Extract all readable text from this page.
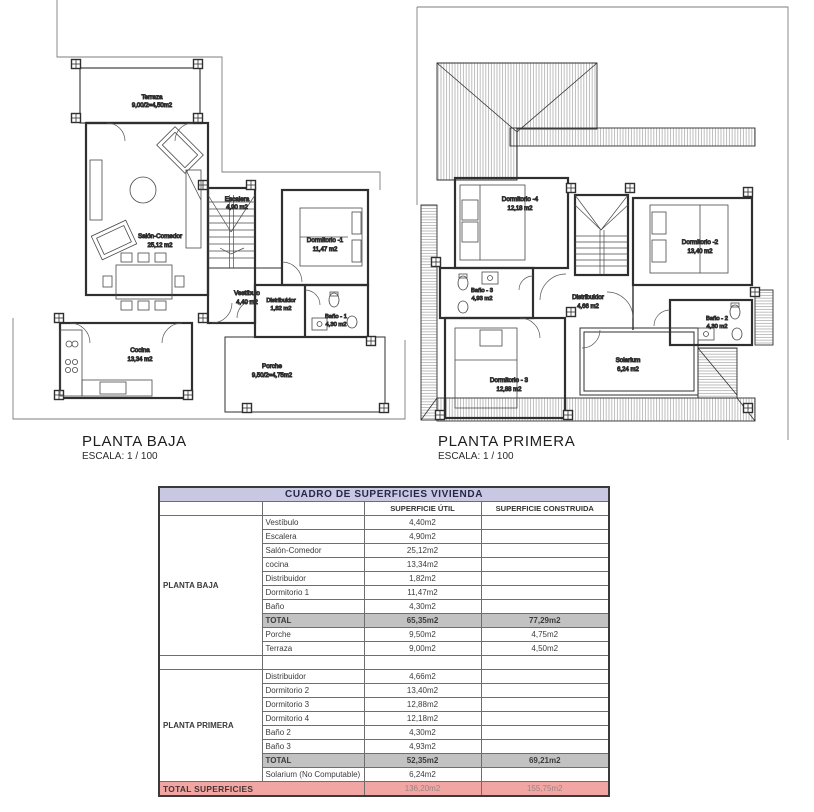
Terraza
9,00/2=4,50m2
Salón-Comedor
25,12 m2
Escalera
4,90 m2
Dormitorio -1
11,47 m2
Vestíbulo
4,40 m2 Distribuidor
1,82 m2
Baño - 1
4,30 m2
Cocina
13,34 m2
Porche
9,50/2=4,75m2
Dormitorio -4
12,18 m2
Dormitorio -2
13,40 m2
Baño - 3
4,93 m2	Distribuidor
4,66 m2
Baño - 2
4,30 m2
Dormitorio - 3
12,88 m2
Solarium
6,24 m2
PLANTA BAJA
ESCALA: 1 / 100
PLANTA PRIMERA
ESCALA: 1 / 100
CUADRO DE SUPERFICIES VIVIENDA			
		SUPERFICIE ÚTIL	SUPERFICIE CONSTRUIDA
PLANTA BAJA	Vestíbulo	4,40m2	
	Escalera	4,90m2	
	Salón-Comedor	25,12m2	
	cocina	13,34m2	
	Distribuidor	1,82m2	
	Dormitorio 1	11,47m2	
	Baño	4,30m2	
	TOTAL	65,35m2	77,29m2
	Porche	9,50m2	4,75m2
	Terraza	9,00m2	4,50m2

PLANTA PRIMERA	Distribuidor	4,66m2	
	Dormitorio 2	13,40m2	
	Dormitorio 3	12,88m2	
	Dormitorio 4	12,18m2	
	Baño 2	4,30m2	
	Baño 3	4,93m2	
	TOTAL	52,35m2	69,21m2
	Solarium (No Computable)	6,24m2	
TOTAL SUPERFICIES		136,20m2	155,75m2
